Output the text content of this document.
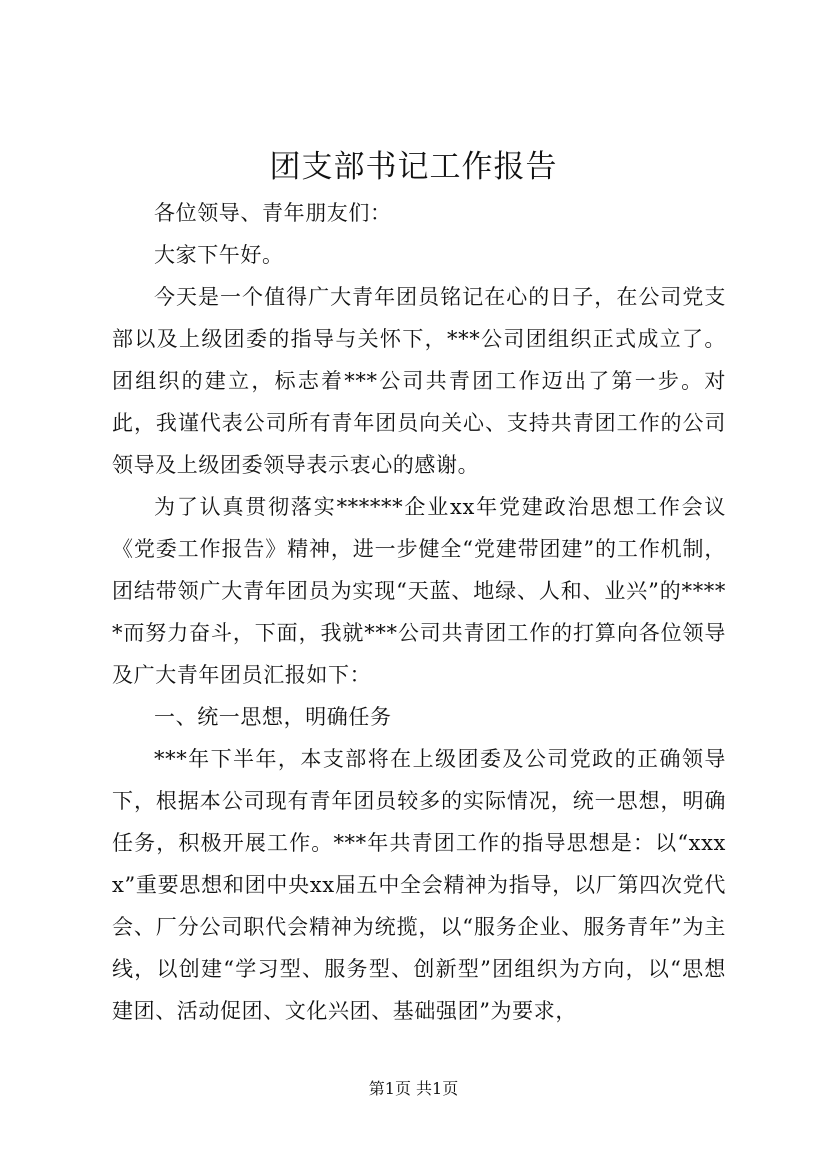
团支部书记工作报告

各位领导、青年朋友们：

大家下午好。

今天是一个值得广大青年团员铭记在心的日子，在公司党支部以及上级团委的指导与关怀下，***公司团组织正式成立了。团组织的建立，标志着***公司共青团工作迈出了第一步。对此，我谨代表公司所有青年团员向关心、支持共青团工作的公司领导及上级团委领导表示衷心的感谢。

为了认真贯彻落实******企业xx年党建政治思想工作会议《党委工作报告》精神，进一步健全“党建带团建”的工作机制，团结带领广大青年团员为实现“天蓝、地绿、人和、业兴”的*****而努力奋斗，下面，我就***公司共青团工作的打算向各位领导及广大青年团员汇报如下：

一、统一思想，明确任务

***年下半年，本支部将在上级团委及公司党政的正确领导下，根据本公司现有青年团员较多的实际情况，统一思想，明确任务，积极开展工作。***年共青团工作的指导思想是：以“xxxx”重要思想和团中央xx届五中全会精神为指导，以厂第四次党代会、厂分公司职代会精神为统揽，以“服务企业、服务青年”为主线，以创建“学习型、服务型、创新型”团组织为方向，以“思想建团、活动促团、文化兴团、基础强团”为要求，

第1页 共1页
